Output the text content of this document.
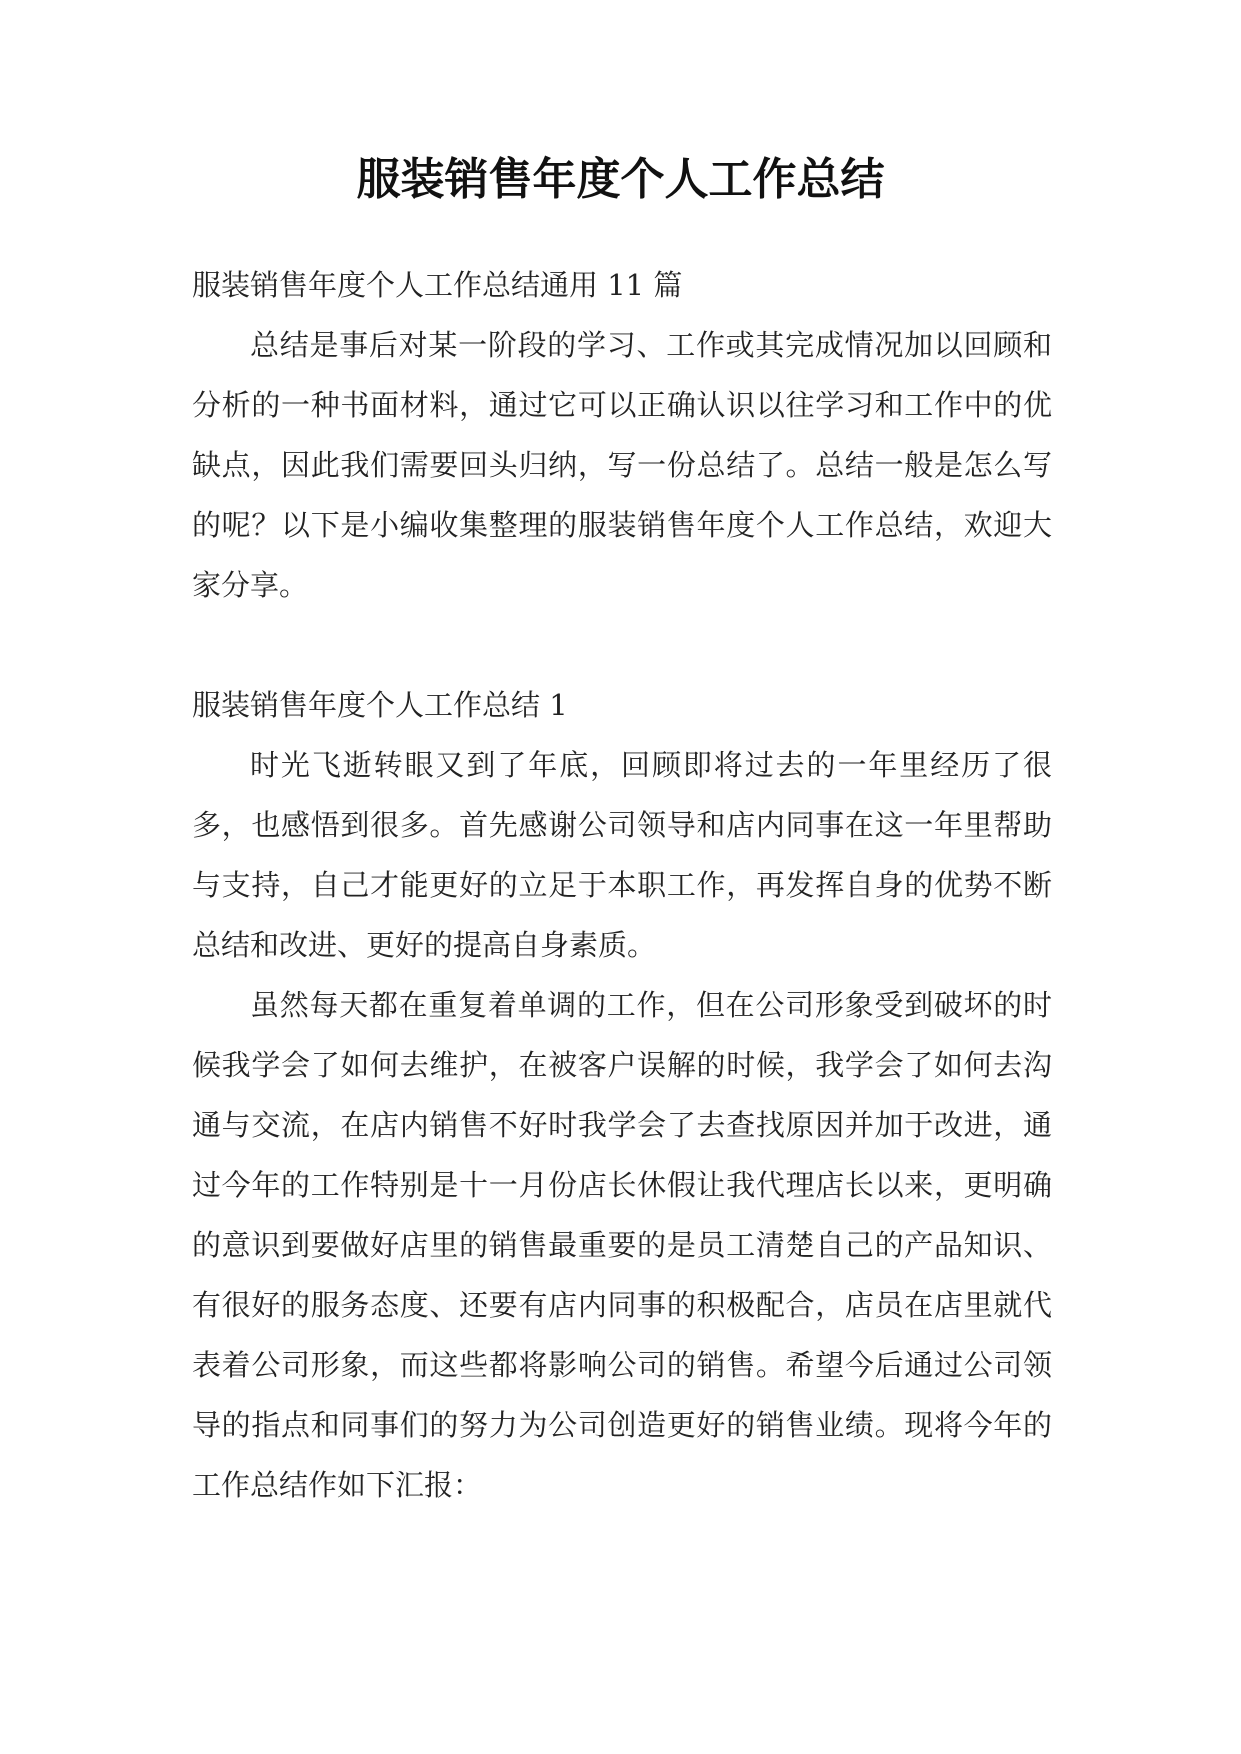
服装销售年度个人工作总结

服装销售年度个人工作总结通用 11 篇

总结是事后对某一阶段的学习、工作或其完成情况加以回顾和分析的一种书面材料，通过它可以正确认识以往学习和工作中的优缺点，因此我们需要回头归纳，写一份总结了。总结一般是怎么写的呢？以下是小编收集整理的服装销售年度个人工作总结，欢迎大家分享。

服装销售年度个人工作总结 1

时光飞逝转眼又到了年底，回顾即将过去的一年里经历了很多，也感悟到很多。首先感谢公司领导和店内同事在这一年里帮助与支持，自己才能更好的立足于本职工作，再发挥自身的优势不断总结和改进、更好的提高自身素质。

虽然每天都在重复着单调的工作，但在公司形象受到破坏的时候我学会了如何去维护，在被客户误解的时候，我学会了如何去沟通与交流，在店内销售不好时我学会了去查找原因并加于改进，通过今年的工作特别是十一月份店长休假让我代理店长以来，更明确的意识到要做好店里的销售最重要的是员工清楚自己的产品知识、有很好的服务态度、还要有店内同事的积极配合，店员在店里就代表着公司形象，而这些都将影响公司的销售。希望今后通过公司领导的指点和同事们的努力为公司创造更好的销售业绩。现将今年的工作总结作如下汇报：
